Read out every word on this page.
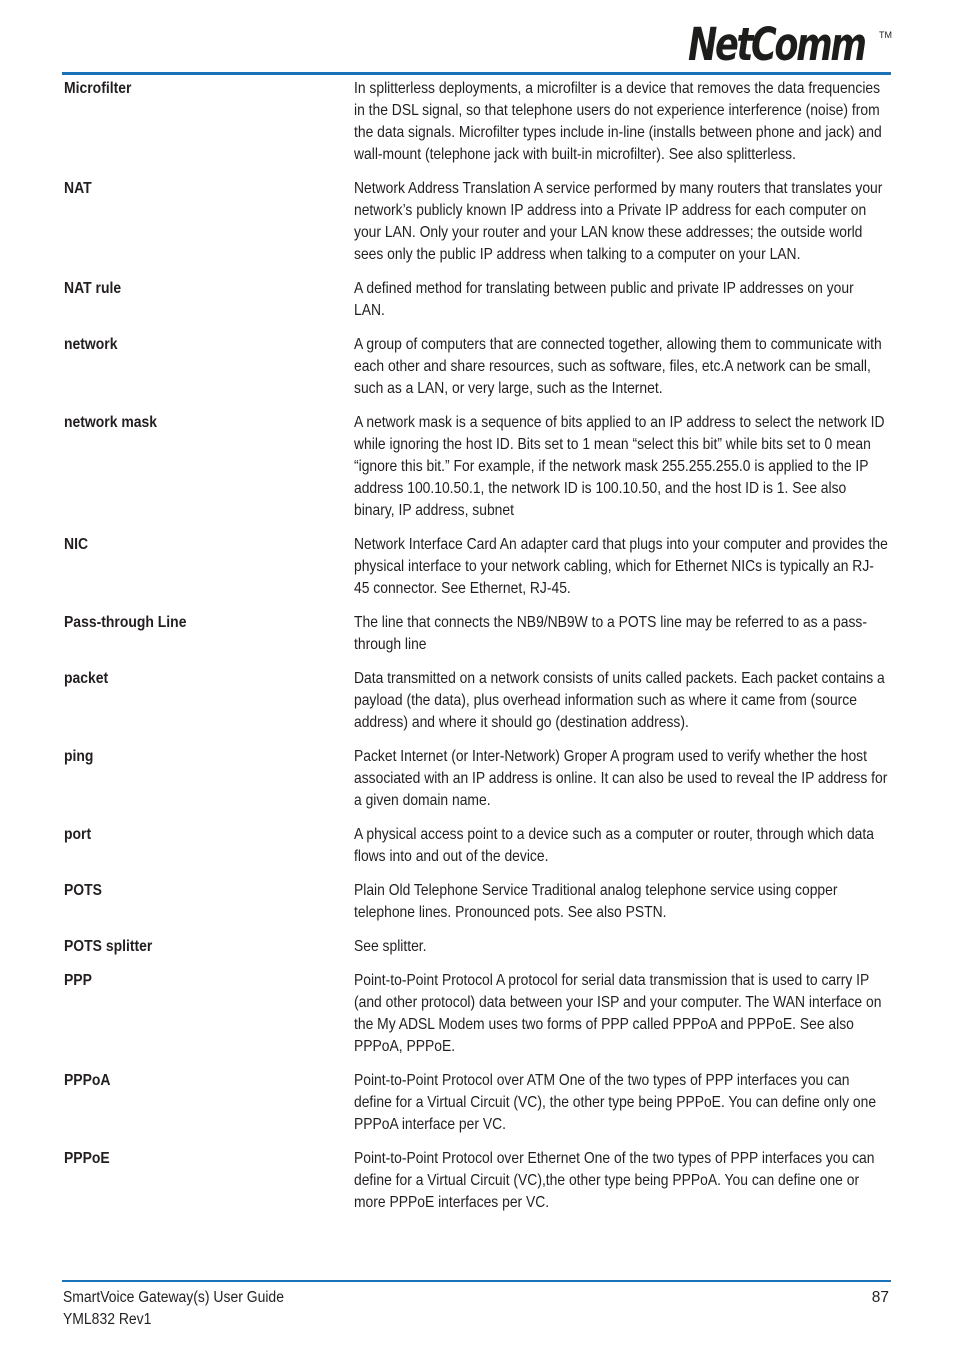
NetComm TM
Microfilter	In splitterless deployments, a microfilter is a device that removes the data frequencies in the DSL signal, so that telephone users do not experience interference (noise) from the data signals. Microfilter types include in-line (installs between phone and jack) and wall-mount (telephone jack with built-in microfilter). See also splitterless.
NAT	Network Address Translation A service performed by many routers that translates your network’s publicly known IP address into a Private IP address for each computer on your LAN. Only your router and your LAN know these addresses; the outside world sees only the public IP address when talking to a computer on your LAN.
NAT rule	A defined method for translating between public and private IP addresses on your LAN.
network	A group of computers that are connected together, allowing them to communicate with each other and share resources, such as software, files, etc.A network can be small, such as a LAN, or very large, such as the Internet.
network mask	A network mask is a sequence of bits applied to an IP address to select the network ID while ignoring the host ID. Bits set to 1 mean “select this bit” while bits set to 0 mean “ignore this bit.” For example, if the network mask 255.255.255.0 is applied to the IP address 100.10.50.1, the network ID is 100.10.50, and the host ID is 1. See also binary, IP address, subnet
NIC	Network Interface Card An adapter card that plugs into your computer and provides the physical interface to your network cabling, which for Ethernet NICs is typically an RJ-45 connector. See Ethernet, RJ-45.
Pass-through Line	The line that connects the NB9/NB9W to a POTS line may be referred to as a pass-through line
packet	Data transmitted on a network consists of units called packets. Each packet contains a payload (the data), plus overhead information such as where it came from (source address) and where it should go (destination address).
ping	Packet Internet (or Inter-Network) Groper A program used to verify whether the host associated with an IP address is online. It can also be used to reveal the IP address for a given domain name.
port	A physical access point to a device such as a computer or router, through which data flows into and out of the device.
POTS	Plain Old Telephone Service Traditional analog telephone service using copper telephone lines. Pronounced pots. See also PSTN.
POTS splitter	See splitter.
PPP	Point-to-Point Protocol A protocol for serial data transmission that is used to carry IP (and other protocol) data between your ISP and your computer. The WAN interface on the My ADSL Modem uses two forms of PPP called PPPoA and PPPoE. See also PPPoA, PPPoE.
PPPoA	Point-to-Point Protocol over ATM One of the two types of PPP interfaces you can define for a Virtual Circuit (VC), the other type being PPPoE. You can define only one PPPoA interface per VC.
PPPoE	Point-to-Point Protocol over Ethernet One of the two types of PPP interfaces you can define for a Virtual Circuit (VC),the other type being PPPoA. You can define one or more PPPoE interfaces per VC.
SmartVoice Gateway(s) User Guide
YML832 Rev1
87
